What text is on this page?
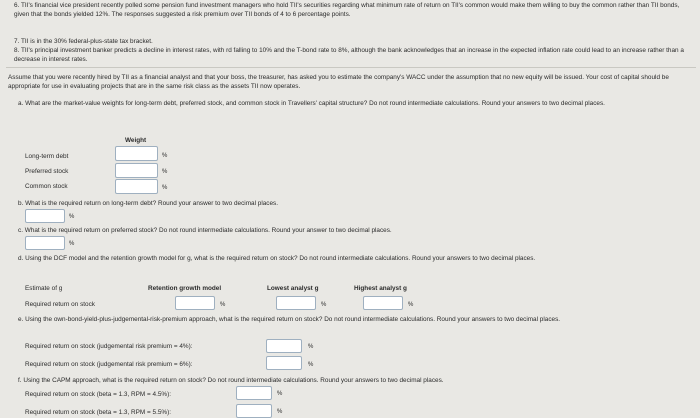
6. TII's financial vice president recently polled some pension fund investment managers who hold TII's securities regarding what minimum rate of return on TII's common would make them willing to buy the common rather than TII bonds, given that the bonds yielded 12%. The responses suggested a risk premium over TII bonds of 4 to 6 percentage points.
7. TII is in the 30% federal-plus-state tax bracket.
8. TII's principal investment banker predicts a decline in interest rates, with rd falling to 10% and the T-bond rate to 8%, although the bank acknowledges that an increase in the expected inflation rate could lead to an increase rather than a decrease in interest rates.
Assume that you were recently hired by TII as a financial analyst and that your boss, the treasurer, has asked you to estimate the company's WACC under the assumption that no new equity will be issued. Your cost of capital should be appropriate for use in evaluating projects that are in the same risk class as the assets TII now operates.
a. What are the market-value weights for long-term debt, preferred stock, and common stock in Travellers' capital structure? Do not round intermediate calculations. Round your answers to two decimal places.
Weight
Long-term debt	%
Preferred stock	%
Common stock	%
b. What is the required return on long-term debt? Round your answer to two decimal places.
%
c. What is the required return on preferred stock? Do not round intermediate calculations. Round your answer to two decimal places.
%
d. Using the DCF model and the retention growth model for g, what is the required return on stock? Do not round intermediate calculations. Round your answers to two decimal places.
Estimate of g	Retention growth model	Lowest analyst g	Highest analyst g
Required return on stock	%	%	%
e. Using the own-bond-yield-plus-judgemental-risk-premium approach, what is the required return on stock? Do not round intermediate calculations. Round your answers to two decimal places.
Required return on stock (judgemental risk premium = 4%):	%
Required return on stock (judgemental risk premium = 6%):	%
f. Using the CAPM approach, what is the required return on stock? Do not round intermediate calculations. Round your answers to two decimal places.
Required return on stock (beta = 1.3, RPM = 4.5%):	%
Required return on stock (beta = 1.3, RPM = 5.5%):	%
